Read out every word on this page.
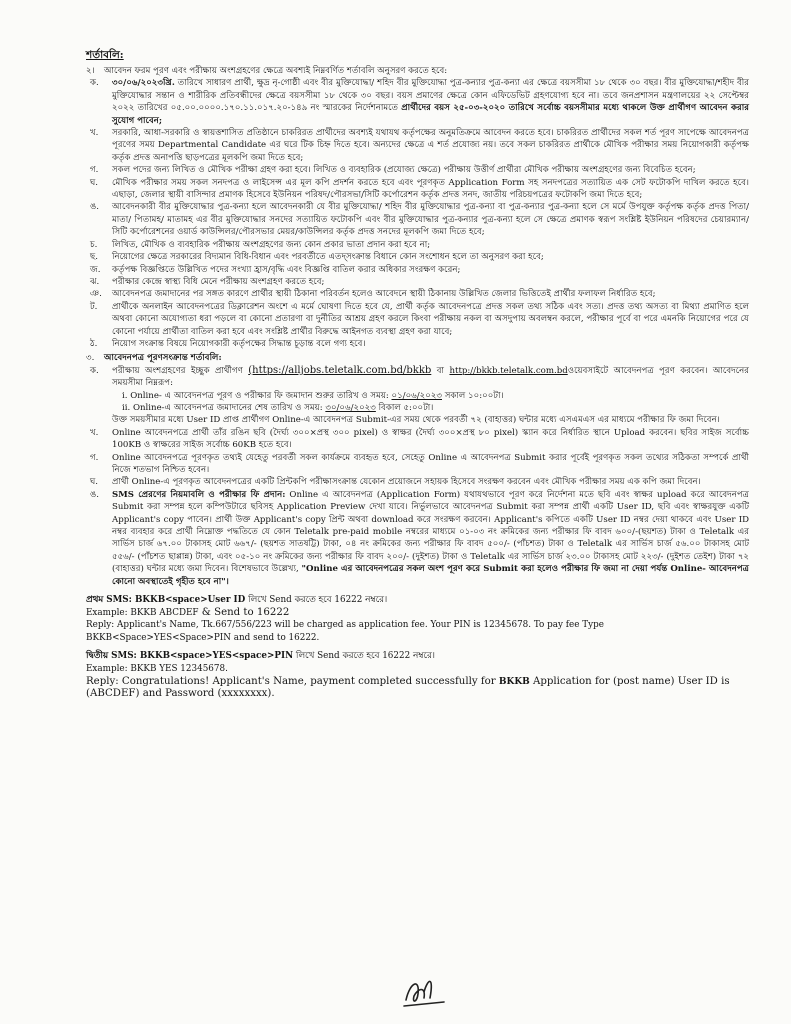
শর্তাবলি:
২।	আবেদন ফরম পূরণ এবং পরীক্ষায় অংশগ্রহণের ক্ষেত্রে অবশ্যই নিম্নবর্ণিত শর্তাবলি অনুসরণ করতে হবে:
ক.	৩০/০৬/২০২৩খ্রি. তারিখে সাধারণ প্রার্থী, ক্ষুদ্র নৃ-গোষ্ঠী এবং বীর মুক্তিযোদ্ধা/ শহিদ বীর মুক্তিযোদ্ধা পুত্র-কন্যার পুত্র-কন্যা এর ক্ষেত্রে বয়সসীমা ১৮ থেকে ৩০ বছর। বীর মুক্তিযোদ্ধা/শহীদ বীর মুক্তিযোদ্ধার সন্তান ও শারীরিক প্রতিবন্ধীদের ক্ষেত্রে বয়সসীমা ১৮ থেকে ৩০ বছর। বয়স প্রমাণের ক্ষেত্রে কোন এফিডেভিট গ্রহণযোগ্য হবে না। তবে জনপ্রশাসন মন্ত্রণালয়ের ২২ সেপ্টেম্বর ২০২২ তারিখের ০৫.০০.০০০০.১৭০.১১.০১৭.২০-১৪৯ নং স্মারকের নির্দেশনামতে প্রার্থীদের বয়স ২৫-০৩-২০২০ তারিখে সর্বোচ্চ বয়সসীমার মধ্যে থাকলে উক্ত প্রার্থীগণ আবেদন করার সুযোগ পাবেন;
খ.	সরকারি, আধা-সরকারি ও স্বায়ত্তশাসিত প্রতিষ্ঠানে চাকরিরত প্রার্থীদের অবশ্যই যথাযথ কর্তৃপক্ষের অনুমতিক্রমে আবেদন করতে হবে। চাকরিরত প্রার্থীদের সকল শর্ত পূরণ সাপেক্ষে আবেদনপত্র পূরণের সময় Departmental Candidate এর ঘরে টিক চিহ্ন দিতে হবে। অন্যদের ক্ষেত্রে এ শর্ত প্রযোজ্য নয়। তবে সকল চাকরিরত প্রার্থীকে মৌখিক পরীক্ষার সময় নিয়োগকারী কর্তৃপক্ষ কর্তৃক প্রদত্ত অনাপত্তি ছাড়পত্রের মূলকপি জমা দিতে হবে;
গ.	সকল পদের জন্য লিখিত ও মৌখিক পরীক্ষা গ্রহণ করা হবে। লিখিত ও ব্যবহারিক (প্রযোজ্য ক্ষেত্রে) পরীক্ষায় উত্তীর্ণ প্রার্থীরা মৌখিক পরীক্ষায় অংশগ্রহণের জন্য বিবেচিত হবেন;
ঘ.	মৌখিক পরীক্ষার সময় সকল সনদপত্র ও লাইসেন্স এর মূল কপি প্রদর্শন করতে হবে এবং পূরণকৃত Application Form সহ সনদপত্রের সত্যায়িত এক সেট ফটোকপি দাখিল করতে হবে। এছাড়া, জেলার স্থায়ী বাসিন্দার প্রমাণক হিসেবে ইউনিয়ন পরিষদ/পৌরসভা/সিটি কর্পোরেশন কর্তৃক প্রদত্ত সনদ, জাতীয় পরিচয়পত্রের ফটোকপি জমা দিতে হবে;
ঙ.	আবেদনকারী বীর মুক্তিযোদ্ধার পুত্র-কন্যা হলে আবেদনকারী যে বীর মুক্তিযোদ্ধা/ শহিদ বীর মুক্তিযোদ্ধার পুত্র-কন্যা বা পুত্র-কন্যার পুত্র-কন্যা হলে সে মর্মে উপযুক্ত কর্তৃপক্ষ কর্তৃক প্রদত্ত পিতা/ মাতা/ পিতামহ/ মাতামহ এর বীর মুক্তিযোদ্ধার সনদের সত্যায়িত ফটোকপি এবং বীর মুক্তিযোদ্ধার পুত্র-কন্যার পুত্র-কন্যা হলে সে ক্ষেত্রে প্রমাণক স্বরূপ সংশ্লিষ্ট ইউনিয়ন পরিষদের চেয়ারম্যান/সিটি কর্পোরেশনের ওয়ার্ড কাউন্সিলর/পৌরসভার মেয়র/কাউন্সিলর কর্তৃক প্রদত্ত সনদের মূলকপি জমা দিতে হবে;
চ.	লিখিত, মৌখিক ও ব্যবহারিক পরীক্ষায় অংশগ্রহণের জন্য কোন প্রকার ভাতা প্রদান করা হবে না;
ছ.	নিয়োগের ক্ষেত্রে সরকারের বিদ্যমান বিধি-বিধান এবং পরবর্তীতে এতদ্সংক্রান্ত বিধানে কোন সংশোধন হলে তা অনুসরণ করা হবে;
জ.	কর্তৃপক্ষ বিজ্ঞপ্তিতে উল্লিখিত পদের সংখ্যা হ্রাস/বৃদ্ধি এবং বিজ্ঞপ্তি বাতিল করার অধিকার সংরক্ষণ করেন;
ঝ.	পরীক্ষার কেন্দ্রে স্বাস্থ্য বিধি মেনে পরীক্ষায় অংশগ্রহণ করতে হবে;
ঞ.	আবেদনপত্র জমাদানের পর সঙ্গত কারণে প্রার্থীর স্থায়ী ঠিকানা পরিবর্তন হলেও আবেদনে স্থায়ী ঠিকানায় উল্লিখিত জেলার ভিত্তিতেই প্রার্থীর ফলাফল নির্ধারিত হবে;
ট.	প্রার্থীকে অনলাইন আবেদনপত্রের ডিক্লারেশন অংশে এ মর্মে ঘোষণা দিতে হবে যে, প্রার্থী কর্তৃক আবেদনপত্রে প্রদত্ত সকল তথ্য সঠিক এবং সত্য। প্রদত্ত তথ্য অসত্য বা মিথ্যা প্রমাণিত হলে অথবা কোনো অযোগ্যতা ধরা পড়লে বা কোনো প্রতারণা বা দুর্নীতির আশ্রয় গ্রহণ করলে কিংবা পরীক্ষায় নকল বা অসদুপায় অবলম্বন করলে, পরীক্ষার পূর্বে বা পরে এমনকি নিয়োগের পরে যে কোনো পর্যায়ে প্রার্থীতা বাতিল করা হবে এবং সংশ্লিষ্ট প্রার্থীর বিরুদ্ধে আইনগত ব্যবস্থা গ্রহণ করা যাবে;
ঠ.	নিয়োগ সংক্রান্ত বিষয়ে নিয়োগকারী কর্তৃপক্ষের সিদ্ধান্ত চূড়ান্ত বলে গণ্য হবে।
৩.	আবেদনপত্র পূরণসংক্রান্ত শর্তাবলি:
ক.	পরীক্ষায় অংশগ্রহণের ইচ্ছুক প্রার্থীগণ (https://alljobs.teletalk.com.bd/bkkb বা http://bkkb.teletalk.com.bdওয়েবসাইটে আবেদনপত্র পূরণ করবেন। আবেদনের সময়সীমা নিম্নরূপ:
i. Online- এ আবেদনপত্র পূরণ ও পরীক্ষার ফি জমাদান শুরুর তারিখ ও সময়: ০১/০৬/২০২৩ সকাল ১০:০০টা।
ii. Online-এ আবেদনপত্র জমাদানের শেষ তারিখ ও সময়: ৩০/০৬/২০২৩ বিকাল ৫:০০টা।
উক্ত সময়সীমার মধ্যে User ID প্রাপ্ত প্রার্থীগণ Online-এ আবেদনপত্র Submit-এর সময় থেকে পরবর্তী ৭২ (বাহাত্তর) ঘন্টার মধ্যে এসএমএস এর মাধ্যমে পরীক্ষার ফি জমা দিবেন।
খ.	Online আবেদনপত্রে প্রার্থী তাঁর রঙিন ছবি (দৈর্ঘ্য ৩০০×প্রস্থ ৩০০ pixel) ও স্বাক্ষর (দৈর্ঘ্য ৩০০×প্রস্থ ৮০ pixel) স্ক্যান করে নির্ধারিত স্থানে Upload করবেন। ছবির সাইজ সর্বোচ্চ 100KB ও স্বাক্ষরের সাইজ সর্বোচ্চ 60KB হতে হবে।
গ.	Online আবেদনপত্রে পূরণকৃত তথ্যই যেহেতু পরবর্তী সকল কার্যক্রমে ব্যবহৃত হবে, সেহেতু Online এ আবেদনপত্র Submit করার পূর্বেই পূরণকৃত সকল তথ্যের সঠিকতা সম্পর্কে প্রার্থী নিজে শতভাগ নিশ্চিত হবেন।
ঘ.	প্রার্থী Online-এ পূরণকৃত আবেদনপত্রের একটি প্রিন্টকপি পরীক্ষাসংক্রান্ত যেকোন প্রয়োজনে সহায়ক হিসেবে সংরক্ষণ করবেন এবং মৌখিক পরীক্ষার সময় এক কপি জমা দিবেন।
ঙ.	SMS প্রেরণের নিয়মাবলি ও পরীক্ষার ফি প্রদান: Online এ আবেদনপত্র (Application Form) যথাযথভাবে পূরণ করে নির্দেশনা মতে ছবি এবং স্বাক্ষর upload করে আবেদনপত্র Submit করা সম্পন্ন হলে কম্পিউটারে ছবিসহ Application Preview দেখা যাবে। নির্ভুলভাবে আবেদনপত্র Submit করা সম্পন্ন প্রার্থী একটি User ID, ছবি এবং স্বাক্ষরযুক্ত একটি Applicant's copy পাবেন। প্রার্থী উক্ত Applicant's copy প্রিন্ট অথবা download করে সংরক্ষণ করবেন। Applicant's কপিতে একটি User ID নম্বর দেয়া থাকবে এবং User ID নম্বর ব্যবহার করে প্রার্থী নিম্নোক্ত পদ্ধতিতে যে কোন Teletalk pre-paid mobile নম্বরের মাধ্যমে ০১-০৩ নং ক্রমিকের জন্য পরীক্ষার ফি বাবদ ৬০০/-(ছয়শত) টাকা ও Teletalk এর সার্ভিস চার্জ ৬৭.০০ টাকাসহ মোট ৬৬৭/- (ছয়শত সাতষট্টি) টাকা, ০৪ নং ক্রমিকের জন্য পরীক্ষার ফি বাবদ ৫০০/- (পাঁচশত) টাকা ও Teletalk এর সার্ভিস চার্জ ৫৬.০০ টাকাসহ মোট ৫৫৬/- (পাঁচশত ছাপ্পান্ন) টাকা, এবং ০৫-১০ নং ক্রমিকের জন্য পরীক্ষার ফি বাবদ ২০০/- (দুইশত) টাকা ও Teletalk এর সার্ভিস চার্জ ২৩.০০ টাকাসহ মোট ২২৩/- (দুইশত তেইশ) টাকা ৭২ (বাহাত্তর) ঘন্টার মধ্যে জমা দিবেন। বিশেষভাবে উল্লেখ্য, "Online এর আবেদনপত্রের সকল অংশ পূরণ করে Submit করা হলেও পরীক্ষার ফি জমা না দেয়া পর্যন্ত Online- আবেদনপত্র কোনো অবস্থাতেই গৃহীত হবে না"।
প্রথম SMS: BKKB<space>User ID লিখে Send করতে হবে 16222 নম্বরে।
Example: BKKB ABCDEF & Send to 16222
Reply: Applicant's Name, Tk.667/556/223 will be charged as application fee. Your PIN is 12345678. To pay fee Type BKKB<Space>YES<Space>PIN and send to 16222.
দ্বিতীয় SMS: BKKB<space>YES<space>PIN লিখে Send করতে হবে 16222 নম্বরে।
Example: BKKB YES 12345678.
Reply: Congratulations! Applicant's Name, payment completed successfully for BKKB Application for (post name) User ID is (ABCDEF) and Password (xxxxxxxx).
